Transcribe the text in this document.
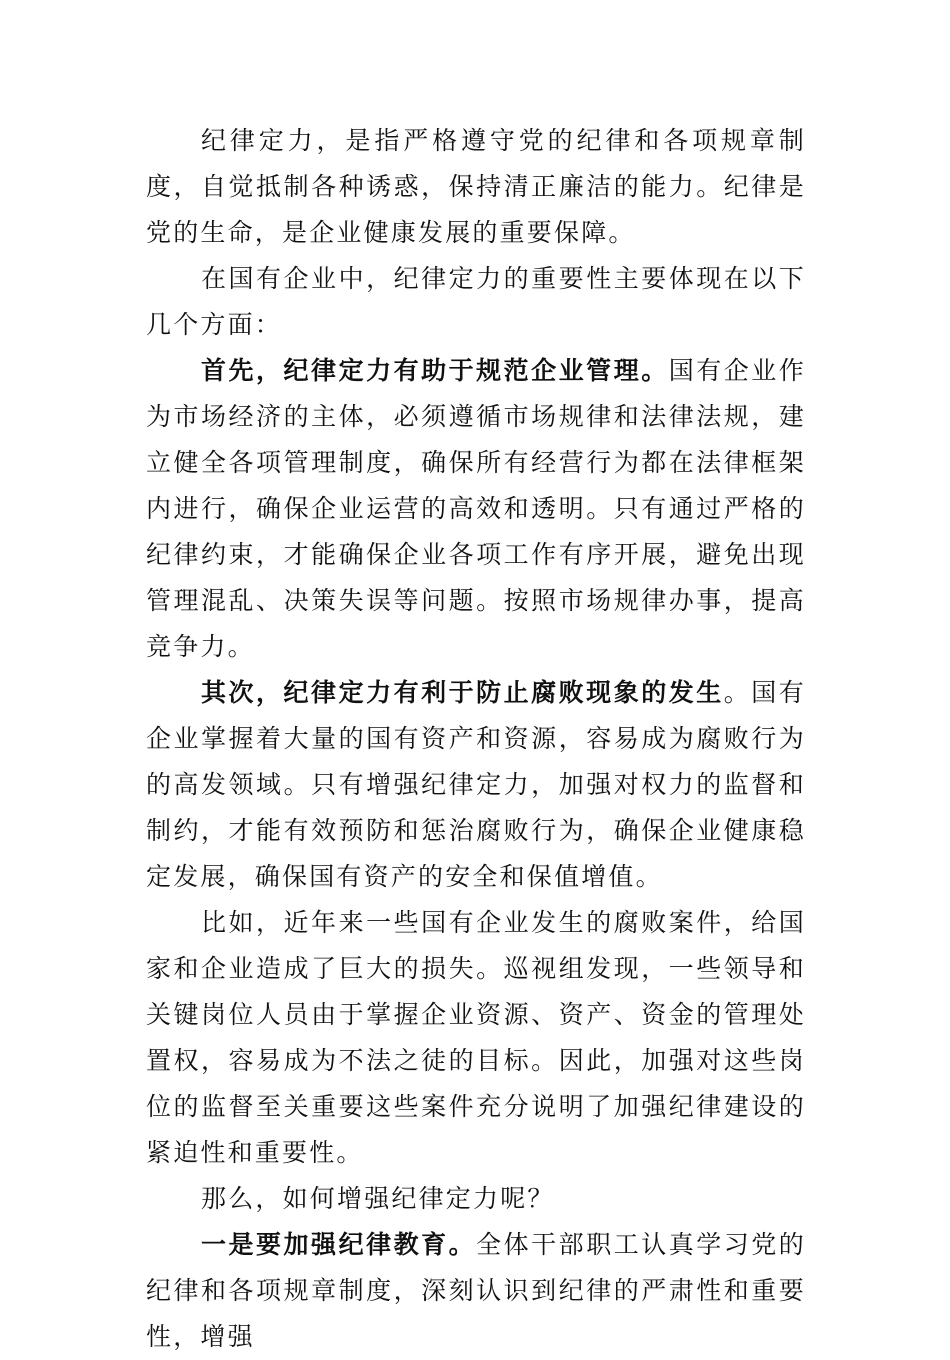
纪律定力，是指严格遵守党的纪律和各项规章制度，自觉抵制各种诱惑，保持清正廉洁的能力。纪律是党的生命，是企业健康发展的重要保障。

在国有企业中，纪律定力的重要性主要体现在以下几个方面：

首先，纪律定力有助于规范企业管理。国有企业作为市场经济的主体，必须遵循市场规律和法律法规，建立健全各项管理制度，确保所有经营行为都在法律框架内进行，确保企业运营的高效和透明。只有通过严格的纪律约束，才能确保企业各项工作有序开展，避免出现管理混乱、决策失误等问题。按照市场规律办事，提高竞争力。

其次，纪律定力有利于防止腐败现象的发生。国有企业掌握着大量的国有资产和资源，容易成为腐败行为的高发领域。只有增强纪律定力，加强对权力的监督和制约，才能有效预防和惩治腐败行为，确保企业健康稳定发展，确保国有资产的安全和保值增值。

比如，近年来一些国有企业发生的腐败案件，给国家和企业造成了巨大的损失。巡视组发现，一些领导和关键岗位人员由于掌握企业资源、资产、资金的管理处置权，容易成为不法之徒的目标。因此，加强对这些岗位的监督至关重要这些案件充分说明了加强纪律建设的紧迫性和重要性。

那么，如何增强纪律定力呢？

一是要加强纪律教育。全体干部职工认真学习党的纪律和各项规章制度，深刻认识到纪律的严肃性和重要性，增强
